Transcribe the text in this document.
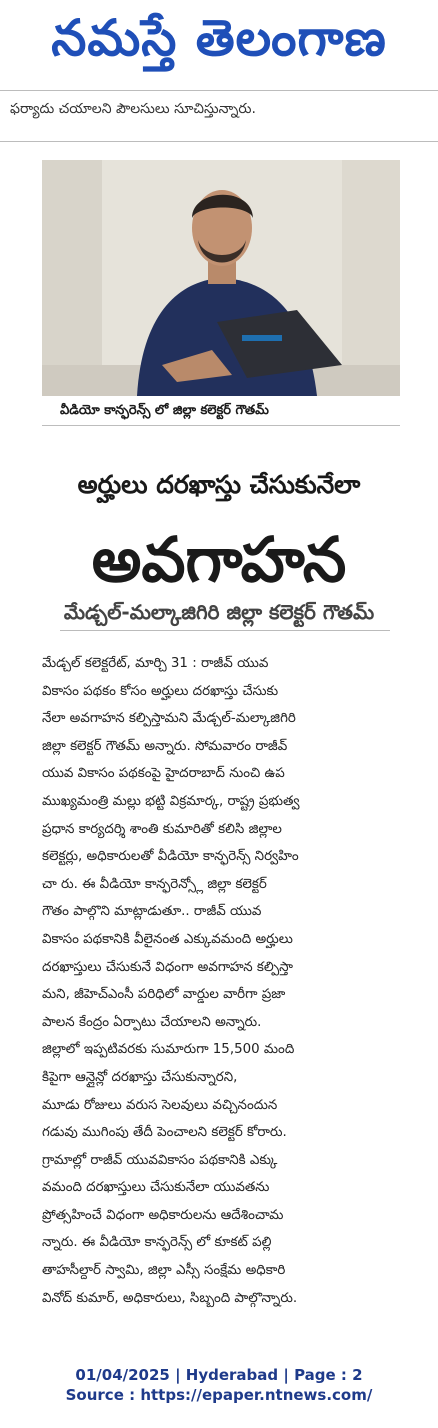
నమస్తే తెలంగాణ
ఫర్యాదు చయాలని పౌలసులు సూచిస్తున్నారు.
వీడియో కాన్ఫరెన్స్ లో జిల్లా కలెక్టర్ గౌతమ్
అర్హులు దరఖాస్తు చేసుకునేలా
అవగాహన
మేడ్చల్-మల్కాజిగిరి జిల్లా కలెక్టర్ గౌతమ్

మేడ్చల్ కలెక్టరేట్, మార్చి 31 : రాజీవ్ యువ

వికాసం పథకం కోసం అర్హులు దరఖాస్తు చేసుకు

నేలా అవగాహన కల్పిస్తామని మేడ్చల్-మల్కాజిగిరి

జిల్లా కలెక్టర్ గౌతమ్ అన్నారు. సోమవారం రాజీవ్

యువ వికాసం పథకంపై హైదరాబాద్ నుంచి ఉప

ముఖ్యమంత్రి మల్లు భట్టి విక్రమార్క, రాష్ట్ర ప్రభుత్వ

ప్రధాన కార్యదర్శి శాంతి కుమారితో కలిసి జిల్లాల

కలెక్టర్లు, అధికారులతో వీడియో కాన్ఫరెన్స్ నిర్వహిం

చా రు. ఈ వీడియో కాన్ఫరెన్స్లో జిల్లా కలెక్టర్

గౌతం పాల్గొని మాట్లాడుతూ.. రాజీవ్ యువ

వికాసం పథకానికి వీలైనంత ఎక్కువమంది అర్హులు

దరఖాస్తులు చేసుకునే విధంగా అవగాహన కల్పిస్తా

మని, జీహెచ్ఎంసీ పరిధిలో వార్డుల వారీగా ప్రజా

పాలన కేంద్రం ఏర్పాటు చేయాలని అన్నారు.

జిల్లాలో ఇప్పటివరకు సుమారుగా 15,500 మంది

కిపైగా ఆన్లైన్లో దరఖాస్తు చేసుకున్నారని,

మూడు రోజులు వరుస సెలవులు వచ్చినందున

గడువు ముగింపు తేదీ పెంచాలని కలెక్టర్ కోరారు.

గ్రామాల్లో రాజీవ్ యువవికాసం పథకానికి ఎక్కు

వమంది దరఖాస్తులు చేసుకునేలా యువతను

ప్రోత్సహించే విధంగా అధికారులను ఆదేశించామ

న్నారు. ఈ వీడియో కాన్ఫరెన్స్ లో కూకట్ పల్లి

తాహసీల్దార్ స్వామి, జిల్లా ఎస్సీ సంక్షేమ అధికారి

వినోద్ కుమార్, అధికారులు, సిబ్బంది పాల్గొన్నారు.

01/04/2025 | Hyderabad | Page : 2
Source : https://epaper.ntnews.com/
